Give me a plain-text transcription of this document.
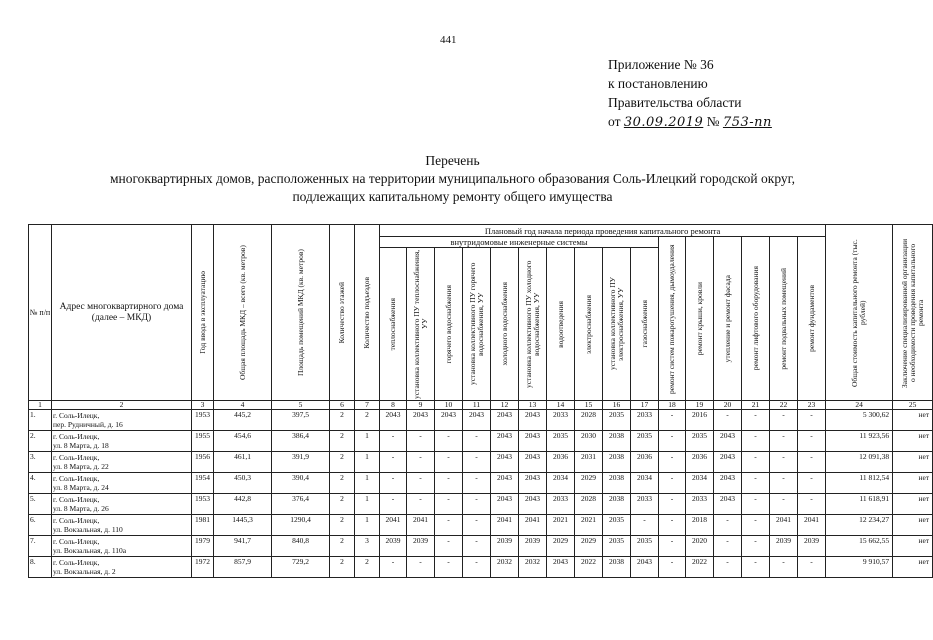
441
Приложение № 36
к постановлению
Правительства области
от 30.09.2019 № 753-пп
Перечень
многоквартирных домов, расположенных на территории муниципального образования Соль-Илецкий городской округ,
подлежащих капитальному ремонту общего имущества
№ п/п	Адрес многоквартирного дома (далее – МКД)	Год ввода в эксплуатацию	Общая площадь МКД – всего (кв. метров)	Площадь помещений МКД (кв. метров)	Количество этажей	Количество подъездов	Плановый год начала периода проведения капитального ремонта																Общая стоимость капитального ремонта (тыс. рублей)	Заключение специализированной организации о необходимости проведения капитального ремонта

							внутридомовые инженерные системы										ремонт систем пожаротушения, дымоудаления	ремонт крыши, кровли	утепление и ремонт фасада	ремонт лифтового оборудования	ремонт подвальных помещений	ремонт фундаментов		

							теплоснабжения	установка коллективного ПУ теплоснабжения, УУ	горячего водоснабжения	установка коллективного ПУ горячего водоснабжения, УУ	холодного водоснабжения	установка коллективного ПУ холодного водоснабжения, УУ	водоотведения	электроснабжения	установка коллективного ПУ электроснабжения, УУ	газоснабжения								

1	2	3	4	5	6	7	8	9	10	11	12	13	14	15	16	17	18	19	20	21	22	23	24	25
1.	г. Соль-Илецк,
пер. Рудничный, д. 16	1953	445,2	397,5	2	2	2043	2043	2043	2043	2043	2043	2033	2028	2035	2033	-	2016	-	-	-	-	5 300,62	нет
2.	г. Соль-Илецк,
ул. 8 Марта, д. 18	1955	454,6	386,4	2	1	-	-	-	-	2043	2043	2035	2030	2038	2035	-	2035	2043	-	-	-	11 923,56	нет
3.	г. Соль-Илецк,
ул. 8 Марта, д. 22	1956	461,1	391,9	2	1	-	-	-	-	2043	2043	2036	2031	2038	2036	-	2036	2043	-	-	-	12 091,38	нет
4.	г. Соль-Илецк,
ул. 8 Марта, д. 24	1954	450,3	390,4	2	1	-	-	-	-	2043	2043	2034	2029	2038	2034	-	2034	2043	-	-	-	11 812,54	нет
5.	г. Соль-Илецк,
ул. 8 Марта, д. 26	1953	442,8	376,4	2	1	-	-	-	-	2043	2043	2033	2028	2038	2033	-	2033	2043	-	-	-	11 618,91	нет
6.	г. Соль-Илецк,
ул. Вокзальная, д. 110	1981	1445,3	1290,4	2	1	2041	2041	-	-	2041	2041	2021	2021	2035	-	-	2018	-	-	2041	2041	12 234,27	нет
7.	г. Соль-Илецк,
ул. Вокзальная, д. 110а	1979	941,7	840,8	2	3	2039	2039	-	-	2039	2039	2029	2029	2035	2035	-	2020	-	-	2039	2039	15 662,55	нет
8.	г. Соль-Илецк,
ул. Вокзальная, д. 2	1972	857,9	729,2	2	2	-	-	-	-	2032	2032	2043	2022	2038	2043	-	2022	-	-	-	-	9 910,57	нет
